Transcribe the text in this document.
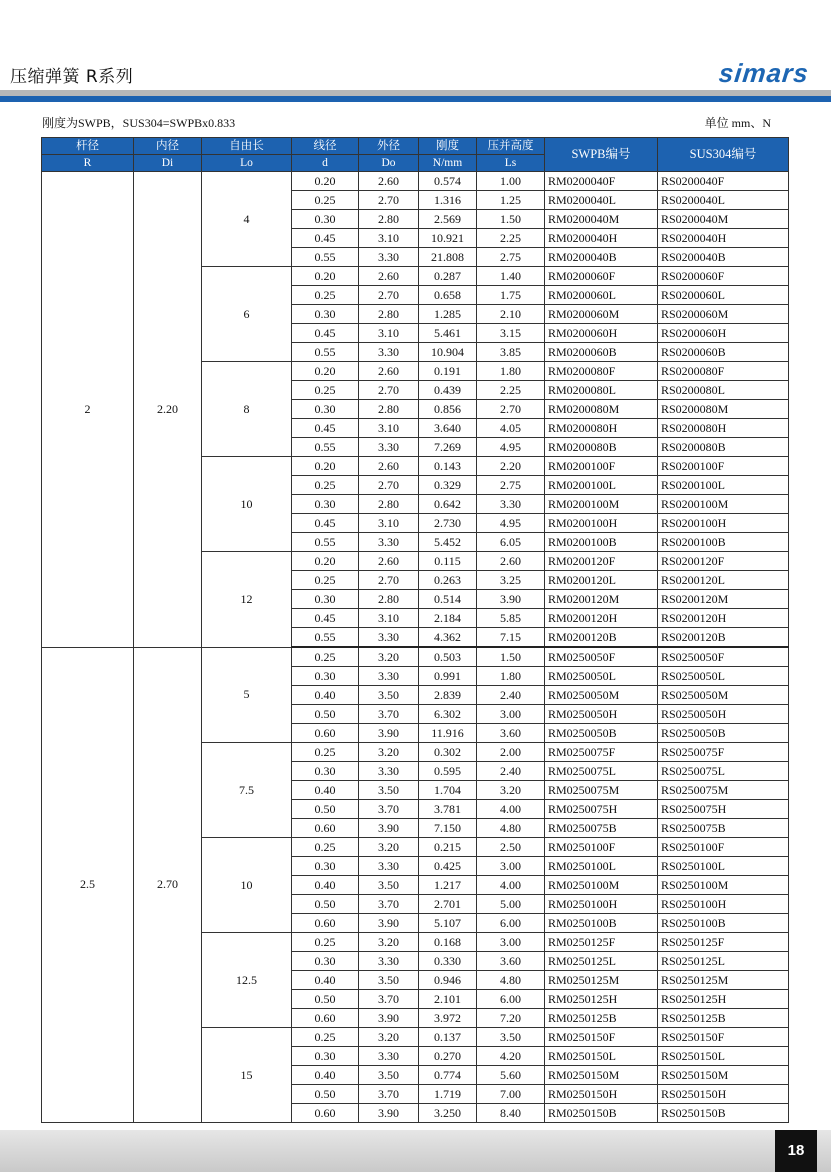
压缩弹簧 R系列	simars
刚度为SWPB，SUS304=SWPBx0.833	单位 mm、N
杆径	内径	自由长	线径	外径	刚度	压并高度	SWPB编号	SUS304编号
R	Di	Lo	d	Do	N/mm	Ls		
2	2.20	4	0.20	2.60	0.574	1.00	RM0200040F	RS0200040F
			0.25	2.70	1.316	1.25	RM0200040L	RS0200040L
			0.30	2.80	2.569	1.50	RM0200040M	RS0200040M
			0.45	3.10	10.921	2.25	RM0200040H	RS0200040H
			0.55	3.30	21.808	2.75	RM0200040B	RS0200040B
		6	0.20	2.60	0.287	1.40	RM0200060F	RS0200060F
			0.25	2.70	0.658	1.75	RM0200060L	RS0200060L
			0.30	2.80	1.285	2.10	RM0200060M	RS0200060M
			0.45	3.10	5.461	3.15	RM0200060H	RS0200060H
			0.55	3.30	10.904	3.85	RM0200060B	RS0200060B
		8	0.20	2.60	0.191	1.80	RM0200080F	RS0200080F
			0.25	2.70	0.439	2.25	RM0200080L	RS0200080L
			0.30	2.80	0.856	2.70	RM0200080M	RS0200080M
			0.45	3.10	3.640	4.05	RM0200080H	RS0200080H
			0.55	3.30	7.269	4.95	RM0200080B	RS0200080B
		10	0.20	2.60	0.143	2.20	RM0200100F	RS0200100F
			0.25	2.70	0.329	2.75	RM0200100L	RS0200100L
			0.30	2.80	0.642	3.30	RM0200100M	RS0200100M
			0.45	3.10	2.730	4.95	RM0200100H	RS0200100H
			0.55	3.30	5.452	6.05	RM0200100B	RS0200100B
		12	0.20	2.60	0.115	2.60	RM0200120F	RS0200120F
			0.25	2.70	0.263	3.25	RM0200120L	RS0200120L
			0.30	2.80	0.514	3.90	RM0200120M	RS0200120M
			0.45	3.10	2.184	5.85	RM0200120H	RS0200120H
			0.55	3.30	4.362	7.15	RM0200120B	RS0200120B
2.5	2.70	5	0.25	3.20	0.503	1.50	RM0250050F	RS0250050F
			0.30	3.30	0.991	1.80	RM0250050L	RS0250050L
			0.40	3.50	2.839	2.40	RM0250050M	RS0250050M
			0.50	3.70	6.302	3.00	RM0250050H	RS0250050H
			0.60	3.90	11.916	3.60	RM0250050B	RS0250050B
		7.5	0.25	3.20	0.302	2.00	RM0250075F	RS0250075F
			0.30	3.30	0.595	2.40	RM0250075L	RS0250075L
			0.40	3.50	1.704	3.20	RM0250075M	RS0250075M
			0.50	3.70	3.781	4.00	RM0250075H	RS0250075H
			0.60	3.90	7.150	4.80	RM0250075B	RS0250075B
		10	0.25	3.20	0.215	2.50	RM0250100F	RS0250100F
			0.30	3.30	0.425	3.00	RM0250100L	RS0250100L
			0.40	3.50	1.217	4.00	RM0250100M	RS0250100M
			0.50	3.70	2.701	5.00	RM0250100H	RS0250100H
			0.60	3.90	5.107	6.00	RM0250100B	RS0250100B
		12.5	0.25	3.20	0.168	3.00	RM0250125F	RS0250125F
			0.30	3.30	0.330	3.60	RM0250125L	RS0250125L
			0.40	3.50	0.946	4.80	RM0250125M	RS0250125M
			0.50	3.70	2.101	6.00	RM0250125H	RS0250125H
			0.60	3.90	3.972	7.20	RM0250125B	RS0250125B
		15	0.25	3.20	0.137	3.50	RM0250150F	RS0250150F
			0.30	3.30	0.270	4.20	RM0250150L	RS0250150L
			0.40	3.50	0.774	5.60	RM0250150M	RS0250150M
			0.50	3.70	1.719	7.00	RM0250150H	RS0250150H
			0.60	3.90	3.250	8.40	RM0250150B	RS0250150B
18
